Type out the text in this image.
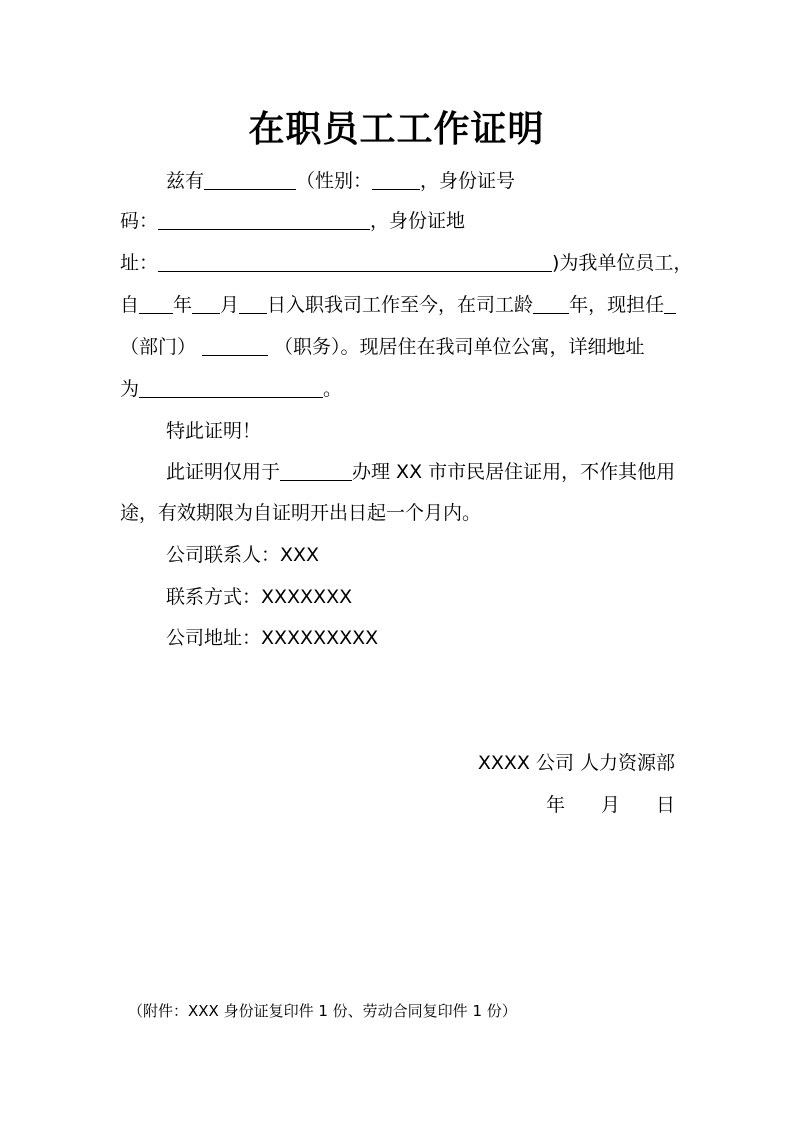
在职员工工作证明
兹有	（性别：	，身份证号
码：	，身份证地
址：	)为我单位员工，
自 年 月 日入职我司工作至今，在司工龄 年，现担任
（部门）	（职务）。现居住在我司单位公寓，详细地址
为	。
特此证明！
此证明仅用于	办理 XX 市市民居住证用，不作其他用
途，有效期限为自证明开出日起一个月内。
公司联系人：XXX
联系方式：XXXXXXX
公司地址：XXXXXXXXX
XXXX 公司 人力资源部
年 月 日
（附件：XXX 身份证复印件 1 份、劳动合同复印件 1 份）
